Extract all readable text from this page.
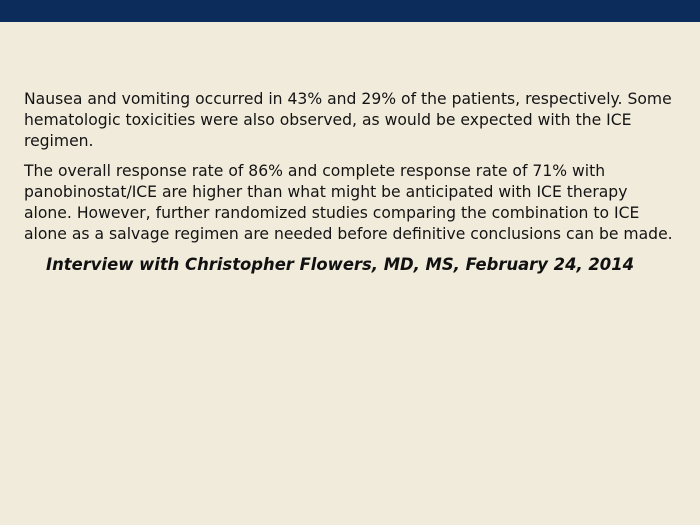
Nausea and vomiting occurred in 43% and 29% of the patients, respectively. Some hematologic toxicities were also observed, as would be expected with the ICE regimen.

The overall response rate of 86% and complete response rate of 71% with panobinostat/ICE are higher than what might be anticipated with ICE therapy alone. However, further randomized studies comparing the combination to ICE alone as a salvage regimen are needed before definitive conclusions can be made.

Interview with Christopher Flowers, MD, MS, February 24, 2014
